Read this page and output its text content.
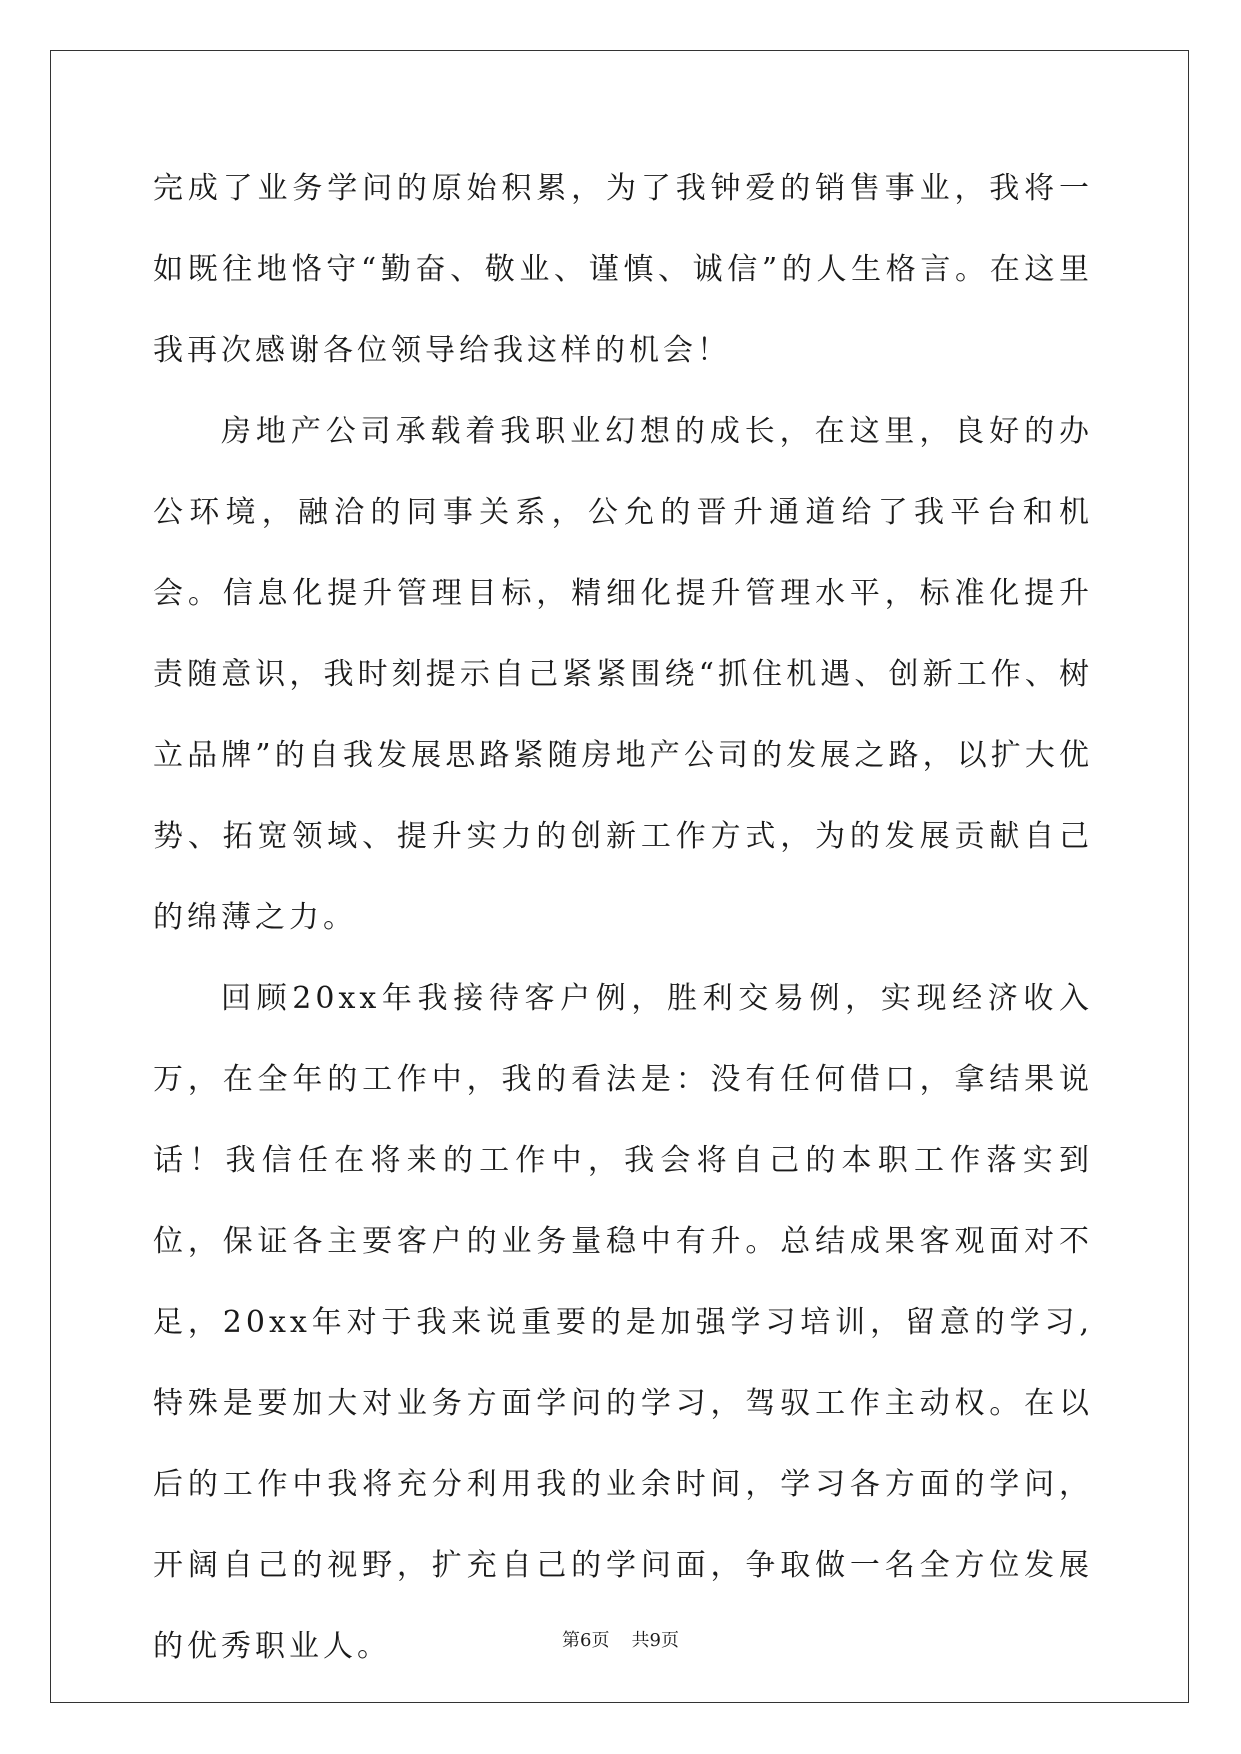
完成了业务学问的原始积累，为了我钟爱的销售事业，我将一如既往地恪守“勤奋、敬业、谨慎、诚信”的人生格言。在这里我再次感谢各位领导给我这样的机会！

房地产公司承载着我职业幻想的成长，在这里，良好的办公环境，融洽的同事关系，公允的晋升通道给了我平台和机会。信息化提升管理目标，精细化提升管理水平，标准化提升责随意识，我时刻提示自己紧紧围绕“抓住机遇、创新工作、树立品牌”的自我发展思路紧随房地产公司的发展之路，以扩大优势、拓宽领域、提升实力的创新工作方式，为的发展贡献自己的绵薄之力。

回顾20xx年我接待客户例，胜利交易例，实现经济收入万，在全年的工作中，我的看法是：没有任何借口，拿结果说话！我信任在将来的工作中，我会将自己的本职工作落实到位，保证各主要客户的业务量稳中有升。总结成果客观面对不足，20xx年对于我来说重要的是加强学习培训，留意的学习,特殊是要加大对业务方面学问的学习，驾驭工作主动权。在以后的工作中我将充分利用我的业余时间，学习各方面的学问，开阔自己的视野，扩充自己的学问面，争取做一名全方位发展的优秀职业人。	第6页 共9页
